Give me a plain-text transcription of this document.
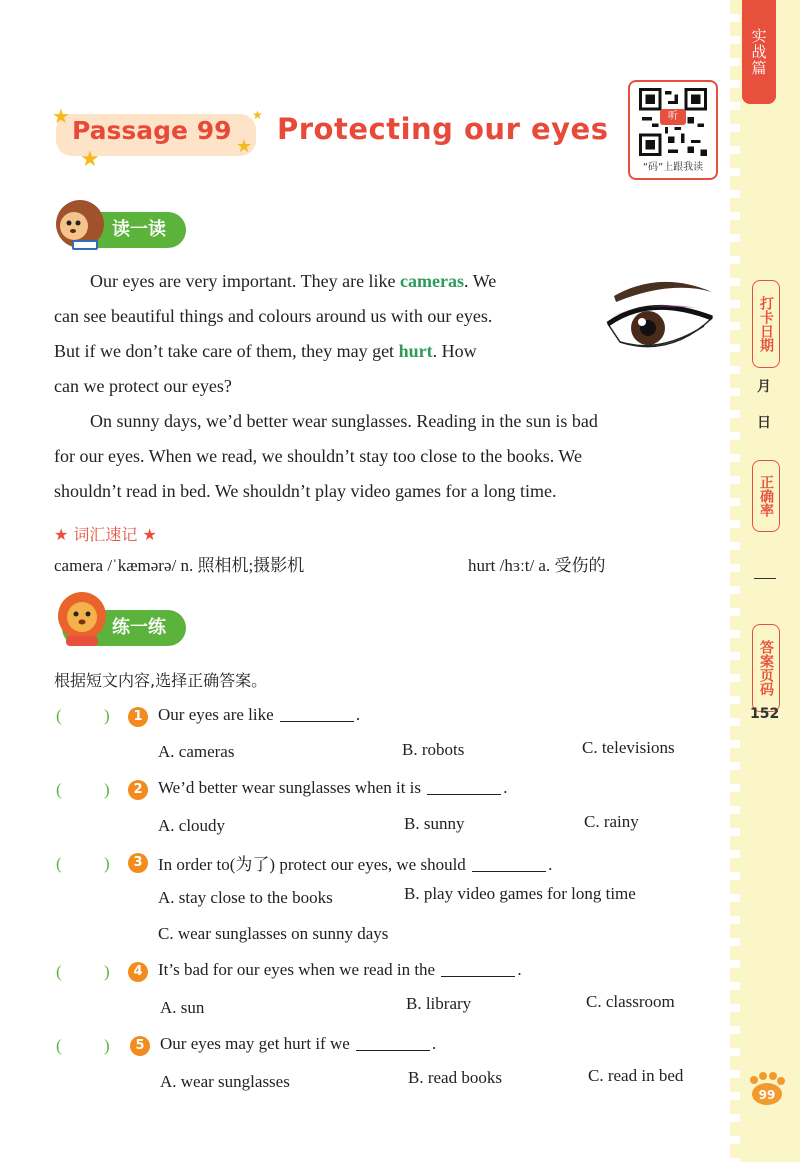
实战篇
打卡日期
月
日
正确率
答案页码
152
99
★
★	★
★
Passage 99 Protecting our eyes	听
“码”上跟我读
读一读
Our eyes are very important. They are like cameras. We
can see beautiful things and colours around us with our eyes.
But if we don’t take care of them, they may get hurt. How
can we protect our eyes?
On sunny days, we’d better wear sunglasses. Reading in the sun is bad
for our eyes. When we read, we shouldn’t stay too close to the books. We
shouldn’t read in bed. We shouldn’t play video games for a long time.
★ 词汇速记 ★
camera /ˈkæmərə/ n. 照相机;摄影机	hurt /hɜːt/ a. 受伤的
练一练
根据短文内容,选择正确答案。
( )	1 Our eyes are like	.
A. cameras	B. robots	C. televisions
( )	2 We’d better wear sunglasses when it is	.
A. cloudy	B. sunny	C. rainy
( )	3 In order to(为了) protect our eyes, we should	.
A. stay close to the books	B. play video games for long time
C. wear sunglasses on sunny days
( )	4 It’s bad for our eyes when we read in the	.
A. sun	B. library	C. classroom
( )	5 Our eyes may get hurt if we	.
A. wear sunglasses	B. read books	C. read in bed
